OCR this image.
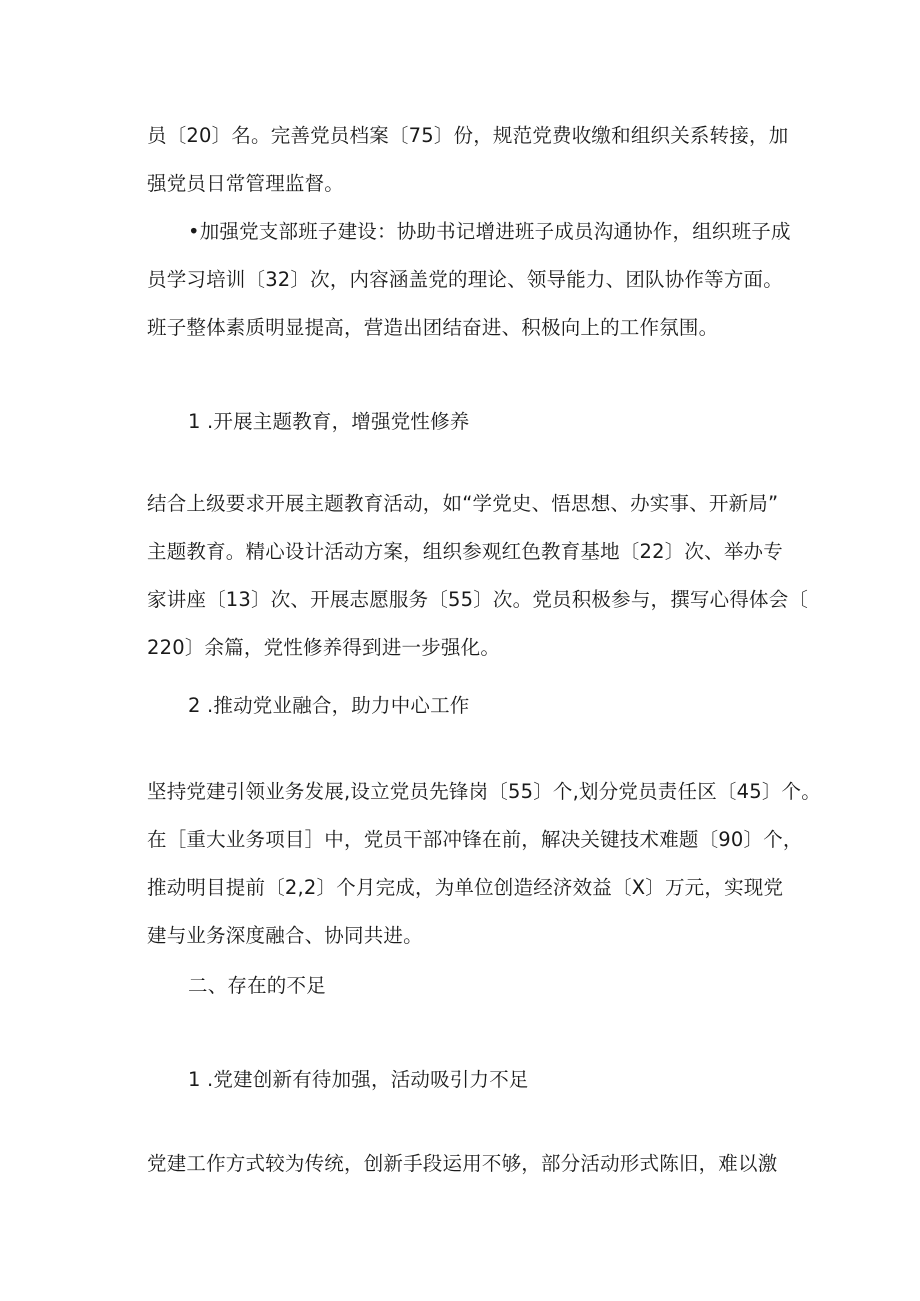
员〔20〕名。完善党员档案〔75〕份，规范党费收缴和组织关系转接，加
强党员日常管理监督。
•加强党支部班子建设：协助书记增进班子成员沟通协作，组织班子成
员学习培训〔32〕次，内容涵盖党的理论、领导能力、团队协作等方面。
班子整体素质明显提高，营造出团结奋进、积极向上的工作氛围。
1 .开展主题教育，增强党性修养
结合上级要求开展主题教育活动，如“学党史、悟思想、办实事、开新局”
主题教育。精心设计活动方案，组织参观红色教育基地〔22〕次、举办专
家讲座〔13〕次、开展志愿服务〔55〕次。党员积极参与，撰写心得体会〔
220〕余篇，党性修养得到进一步强化。
2 .推动党业融合，助力中心工作
坚持党建引领业务发展,设立党员先锋岗〔55〕个,划分党员责任区〔45〕个。
在［重大业务项目］中，党员干部冲锋在前，解决关键技术难题〔90〕个，
推动明目提前〔2,2〕个月完成，为单位创造经济效益〔X〕万元，实现党
建与业务深度融合、协同共进。
二、存在的不足
1 .党建创新有待加强，活动吸引力不足
党建工作方式较为传统，创新手段运用不够，部分活动形式陈旧，难以激
